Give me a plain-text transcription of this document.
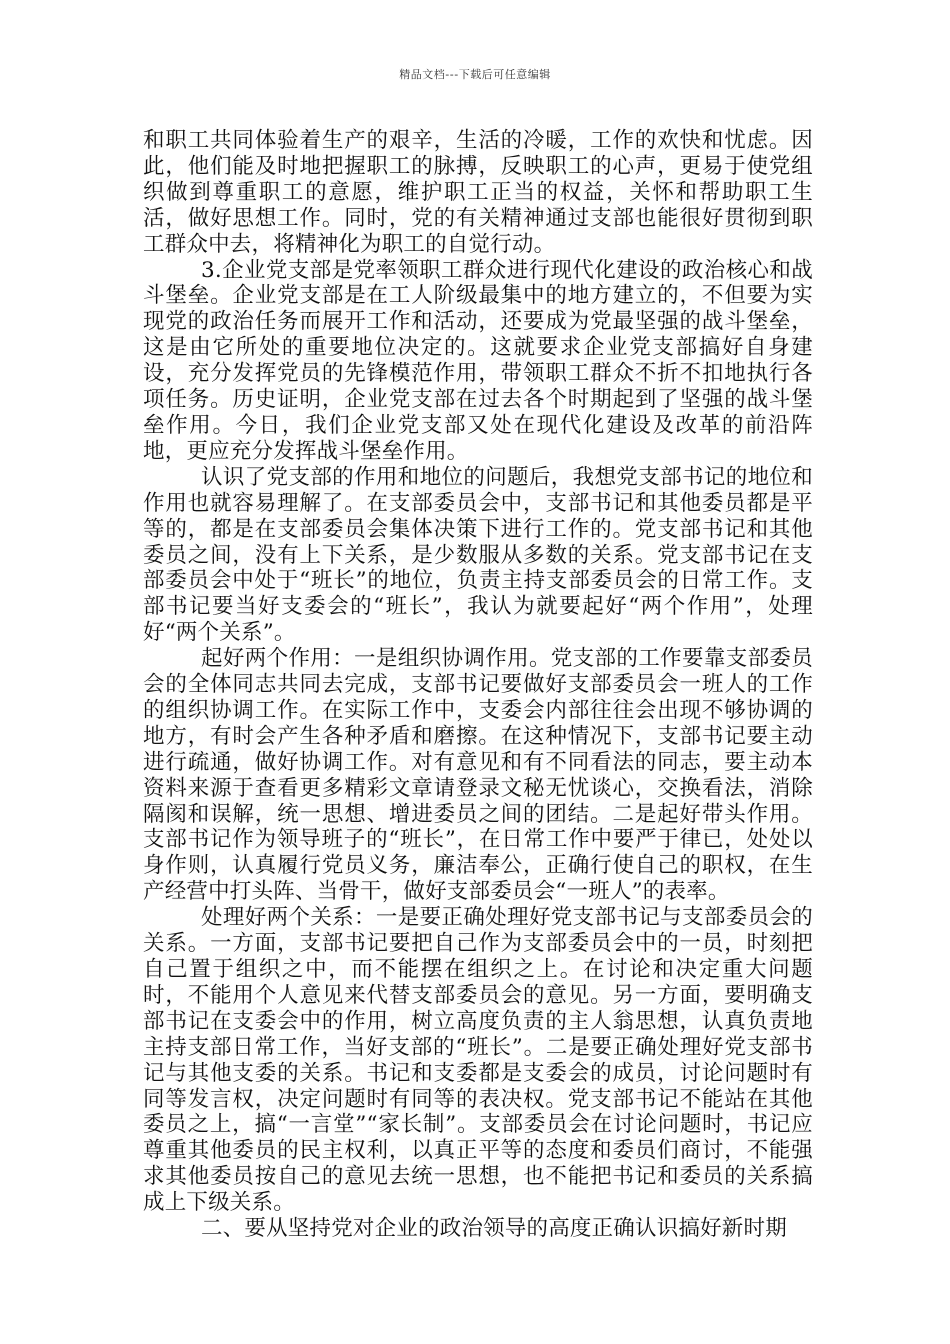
精品文档---下载后可任意编辑

和职工共同体验着生产的艰辛，生活的冷暖，工作的欢快和忧虑。因此，他们能及时地把握职工的脉搏，反映职工的心声，更易于使党组织做到尊重职工的意愿，维护职工正当的权益，关怀和帮助职工生活，做好思想工作。同时，党的有关精神通过支部也能很好贯彻到职工群众中去，将精神化为职工的自觉行动。

3.企业党支部是党率领职工群众进行现代化建设的政治核心和战斗堡垒。企业党支部是在工人阶级最集中的地方建立的，不但要为实现党的政治任务而展开工作和活动，还要成为党最坚强的战斗堡垒，这是由它所处的重要地位决定的。这就要求企业党支部搞好自身建设，充分发挥党员的先锋模范作用，带领职工群众不折不扣地执行各项任务。历史证明，企业党支部在过去各个时期起到了坚强的战斗堡垒作用。今日，我们企业党支部又处在现代化建设及改革的前沿阵地，更应充分发挥战斗堡垒作用。

认识了党支部的作用和地位的问题后，我想党支部书记的地位和作用也就容易理解了。在支部委员会中，支部书记和其他委员都是平等的，都是在支部委员会集体决策下进行工作的。党支部书记和其他委员之间，没有上下关系，是少数服从多数的关系。党支部书记在支部委员会中处于“班长”的地位，负责主持支部委员会的日常工作。支部书记要当好支委会的“班长”，我认为就要起好“两个作用”，处理好“两个关系”。

起好两个作用：一是组织协调作用。党支部的工作要靠支部委员会的全体同志共同去完成，支部书记要做好支部委员会一班人的工作的组织协调工作。在实际工作中，支委会内部往往会出现不够协调的地方，有时会产生各种矛盾和磨擦。在这种情况下，支部书记要主动进行疏通，做好协调工作。对有意见和有不同看法的同志，要主动本资料来源于查看更多精彩文章请登录文秘无忧谈心，交换看法，消除隔阂和误解，统一思想、增进委员之间的团结。二是起好带头作用。支部书记作为领导班子的“班长”，在日常工作中要严于律已，处处以身作则，认真履行党员义务，廉洁奉公，正确行使自己的职权，在生产经营中打头阵、当骨干，做好支部委员会“一班人”的表率。

处理好两个关系：一是要正确处理好党支部书记与支部委员会的关系。一方面，支部书记要把自己作为支部委员会中的一员，时刻把自己置于组织之中，而不能摆在组织之上。在讨论和决定重大问题时，不能用个人意见来代替支部委员会的意见。另一方面，要明确支部书记在支委会中的作用，树立高度负责的主人翁思想，认真负责地主持支部日常工作，当好支部的“班长”。二是要正确处理好党支部书记与其他支委的关系。书记和支委都是支委会的成员，讨论问题时有同等发言权，决定问题时有同等的表决权。党支部书记不能站在其他委员之上，搞“一言堂”“家长制”。支部委员会在讨论问题时，书记应尊重其他委员的民主权利，以真正平等的态度和委员们商讨，不能强求其他委员按自己的意见去统一思想，也不能把书记和委员的关系搞成上下级关系。

二、要从坚持党对企业的政治领导的高度正确认识搞好新时期
